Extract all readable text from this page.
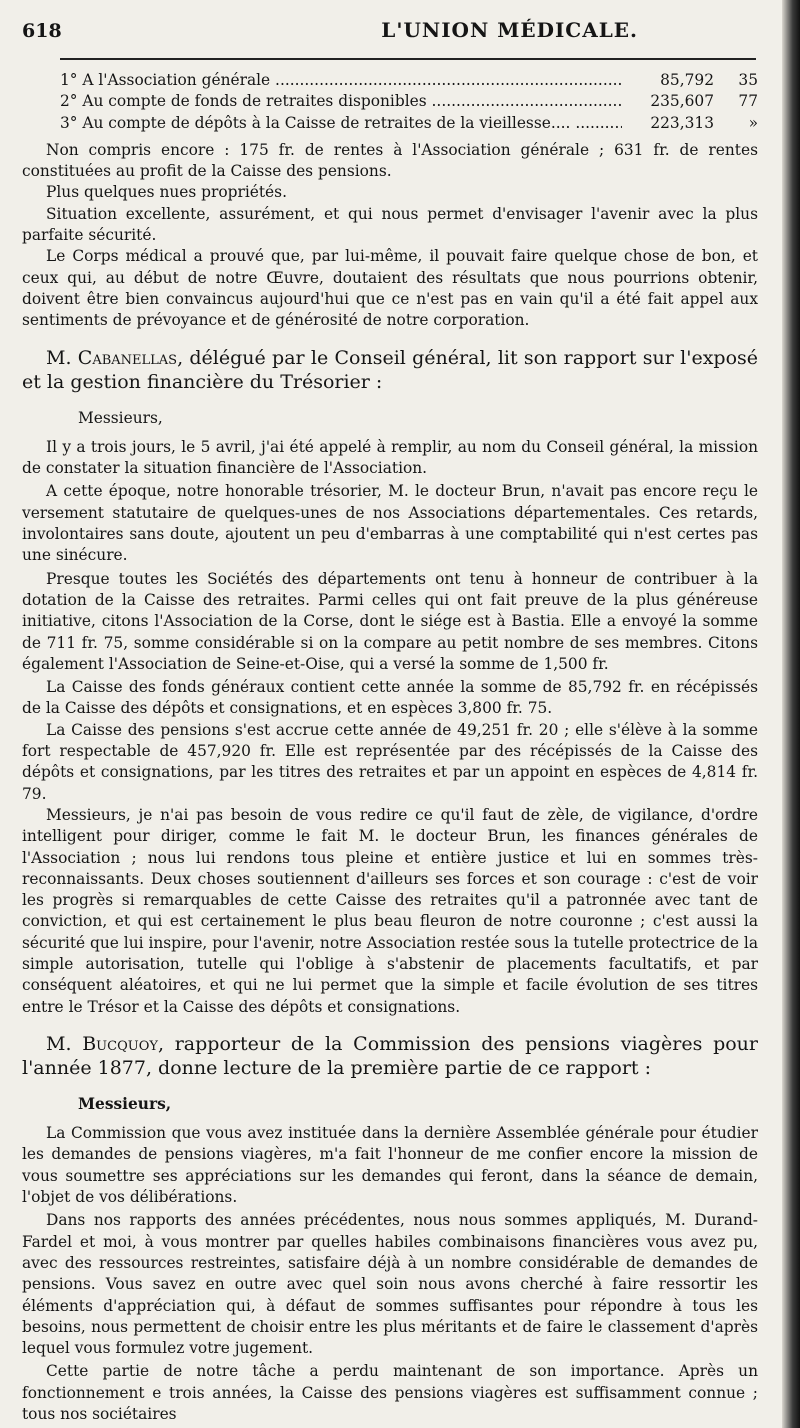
618	L'UNION MÉDICALE.
1° A l'Association générale .....	85,792	35
2° Au compte de fonds de retraites disponibles .....	235,607	77
3° Au compte de dépôts à la Caisse de retraites de la vieillesse.... .....	223,313	»

Non compris encore : 175 fr. de rentes à l'Association générale ; 631 fr. de rentes constituées au profit de la Caisse des pensions.

Plus quelques nues propriétés.

Situation excellente, assurément, et qui nous permet d'envisager l'avenir avec la plus parfaite sécurité.

Le Corps médical a prouvé que, par lui-même, il pouvait faire quelque chose de bon, et ceux qui, au début de notre Œuvre, doutaient des résultats que nous pourrions obtenir, doivent être bien convaincus aujourd'hui que ce n'est pas en vain qu'il a été fait appel aux sentiments de prévoyance et de générosité de notre corporation.

M. Cabanellas, délégué par le Conseil général, lit son rapport sur l'exposé et la gestion financière du Trésorier :

Messieurs,

Il y a trois jours, le 5 avril, j'ai été appelé à remplir, au nom du Conseil général, la mission de constater la situation financière de l'Association.

A cette époque, notre honorable trésorier, M. le docteur Brun, n'avait pas encore reçu le versement statutaire de quelques-unes de nos Associations départementales. Ces retards, involontaires sans doute, ajoutent un peu d'embarras à une comptabilité qui n'est certes pas une sinécure.

Presque toutes les Sociétés des départements ont tenu à honneur de contribuer à la dotation de la Caisse des retraites. Parmi celles qui ont fait preuve de la plus généreuse initiative, citons l'Association de la Corse, dont le siége est à Bastia. Elle a envoyé la somme de 711 fr. 75, somme considérable si on la compare au petit nombre de ses membres. Citons également l'Association de Seine-et-Oise, qui a versé la somme de 1,500 fr.

La Caisse des fonds généraux contient cette année la somme de 85,792 fr. en récépissés de la Caisse des dépôts et consignations, et en espèces 3,800 fr. 75.

La Caisse des pensions s'est accrue cette année de 49,251 fr. 20 ; elle s'élève à la somme fort respectable de 457,920 fr. Elle est représentée par des récépissés de la Caisse des dépôts et consignations, par les titres des retraites et par un appoint en espèces de 4,814 fr. 79.

Messieurs, je n'ai pas besoin de vous redire ce qu'il faut de zèle, de vigilance, d'ordre intelligent pour diriger, comme le fait M. le docteur Brun, les finances générales de l'Association ; nous lui rendons tous pleine et entière justice et lui en sommes très-reconnaissants. Deux choses soutiennent d'ailleurs ses forces et son courage : c'est de voir les progrès si remarquables de cette Caisse des retraites qu'il a patronnée avec tant de conviction, et qui est certainement le plus beau fleuron de notre couronne ; c'est aussi la sécurité que lui inspire, pour l'avenir, notre Association restée sous la tutelle protectrice de la simple autorisation, tutelle qui l'oblige à s'abstenir de placements facultatifs, et par conséquent aléatoires, et qui ne lui permet que la simple et facile évolution de ses titres entre le Trésor et la Caisse des dépôts et consignations.

M. Bucquoy, rapporteur de la Commission des pensions viagères pour l'année 1877, donne lecture de la première partie de ce rapport :

Messieurs,

La Commission que vous avez instituée dans la dernière Assemblée générale pour étudier les demandes de pensions viagères, m'a fait l'honneur de me confier encore la mission de vous soumettre ses appréciations sur les demandes qui feront, dans la séance de demain, l'objet de vos délibérations.

Dans nos rapports des années précédentes, nous nous sommes appliqués, M. Durand-Fardel et moi, à vous montrer par quelles habiles combinaisons financières vous avez pu, avec des ressources restreintes, satisfaire déjà à un nombre considérable de demandes de pensions. Vous savez en outre avec quel soin nous avons cherché à faire ressortir les éléments d'appréciation qui, à défaut de sommes suffisantes pour répondre à tous les besoins, nous permettent de choisir entre les plus méritants et de faire le classement d'après lequel vous formulez votre jugement.

Cette partie de notre tâche a perdu maintenant de son importance. Après un fonctionnement e trois années, la Caisse des pensions viagères est suffisamment connue ; tous nos sociétaires
